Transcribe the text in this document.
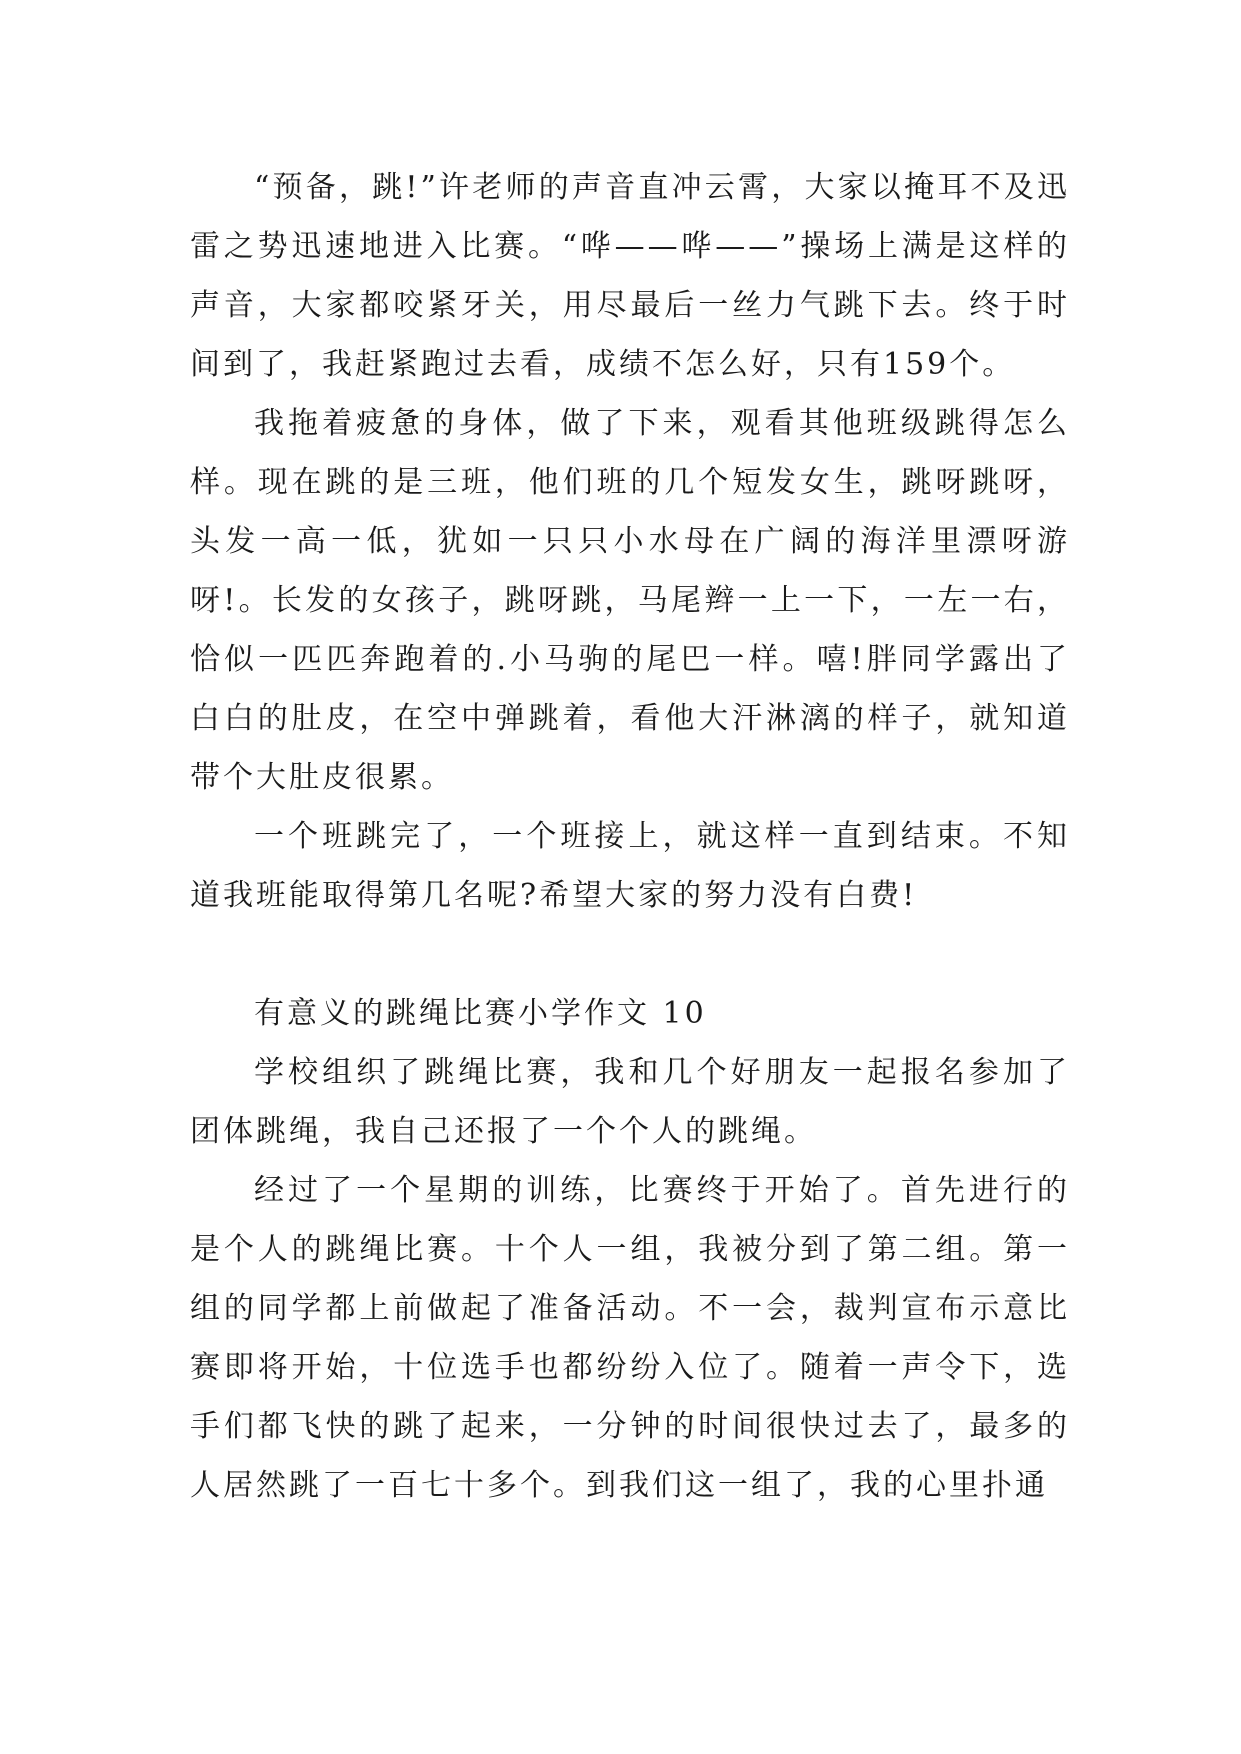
“预备，跳!”许老师的声音直冲云霄，大家以掩耳不及迅雷之势迅速地进入比赛。“哗——哗——”操场上满是这样的声音，大家都咬紧牙关，用尽最后一丝力气跳下去。终于时间到了，我赶紧跑过去看，成绩不怎么好，只有159个。

我拖着疲惫的身体，做了下来，观看其他班级跳得怎么样。现在跳的是三班，他们班的几个短发女生，跳呀跳呀，头发一高一低，犹如一只只小水母在广阔的海洋里漂呀游呀!。长发的女孩子，跳呀跳，马尾辫一上一下，一左一右，恰似一匹匹奔跑着的.小马驹的尾巴一样。嘻!胖同学露出了白白的肚皮，在空中弹跳着，看他大汗淋漓的样子，就知道带个大肚皮很累。

一个班跳完了，一个班接上，就这样一直到结束。不知道我班能取得第几名呢?希望大家的努力没有白费!

有意义的跳绳比赛小学作文 10

学校组织了跳绳比赛，我和几个好朋友一起报名参加了团体跳绳，我自己还报了一个个人的跳绳。

经过了一个星期的训练，比赛终于开始了。首先进行的是个人的跳绳比赛。十个人一组，我被分到了第二组。第一组的同学都上前做起了准备活动。不一会，裁判宣布示意比赛即将开始，十位选手也都纷纷入位了。随着一声令下，选手们都飞快的跳了起来，一分钟的时间很快过去了，最多的人居然跳了一百七十多个。到我们这一组了，我的心里扑通
